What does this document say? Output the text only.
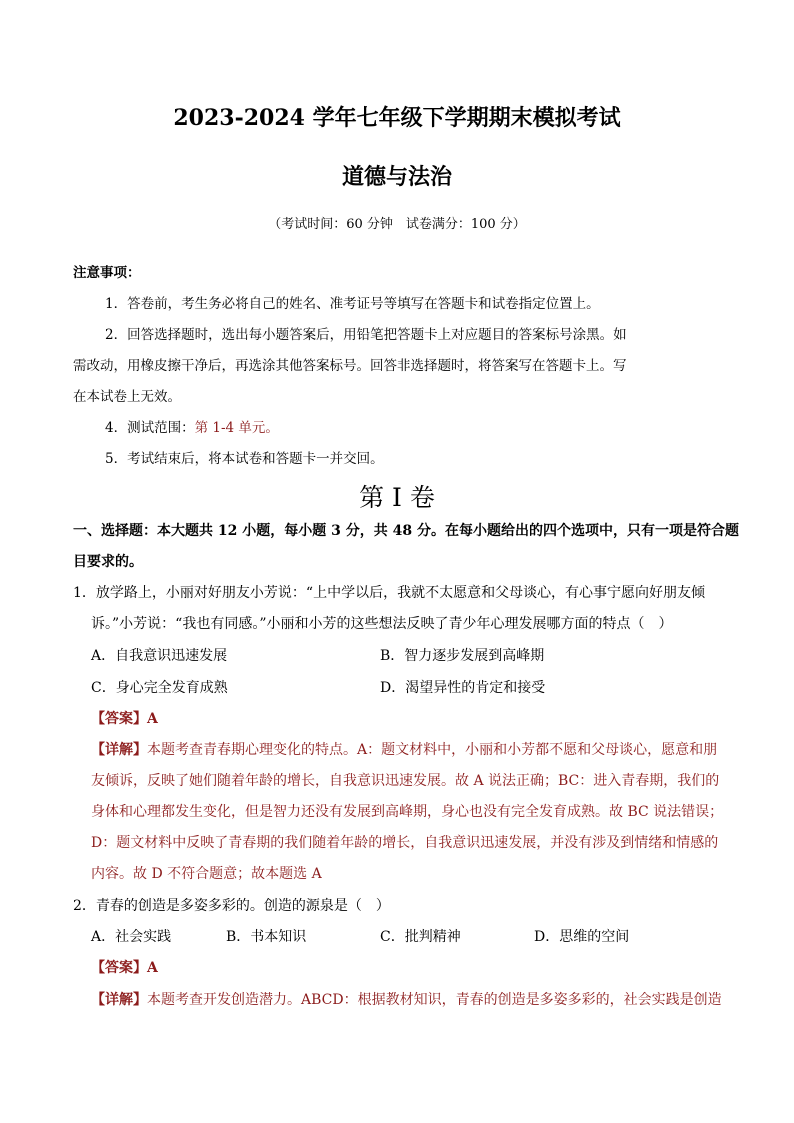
2023-2024 学年七年级下学期期末模拟考试
道德与法治
（考试时间：60 分钟　试卷满分：100 分）
注意事项：
1．答卷前，考生务必将自己的姓名、准考证号等填写在答题卡和试卷指定位置上。
2．回答选择题时，选出每小题答案后，用铅笔把答题卡上对应题目的答案标号涂黑。如
需改动，用橡皮擦干净后，再选涂其他答案标号。回答非选择题时，将答案写在答题卡上。写
在本试卷上无效。
4．测试范围：第 1-4 单元。
5．考试结束后，将本试卷和答题卡一并交回。
第 I 卷
一、选择题：本大题共 12 小题，每小题 3 分，共 48 分。在每小题给出的四个选项中，只有一项是符合题
目要求的。
1．放学路上，小丽对好朋友小芳说：“上中学以后，我就不太愿意和父母谈心，有心事宁愿向好朋友倾
诉。”小芳说：“我也有同感。”小丽和小芳的这些想法反映了青少年心理发展哪方面的特点（　）
A．自我意识迅速发展	B．智力逐步发展到高峰期
C．身心完全发育成熟	D．渴望异性的肯定和接受
【答案】A
【详解】本题考查青春期心理变化的特点。A：题文材料中，小丽和小芳都不愿和父母谈心，愿意和朋
友倾诉，反映了她们随着年龄的增长，自我意识迅速发展。故 A 说法正确；BC：进入青春期，我们的
身体和心理都发生变化，但是智力还没有发展到高峰期，身心也没有完全发育成熟。故 BC 说法错误；
D：题文材料中反映了青春期的我们随着年龄的增长，自我意识迅速发展，并没有涉及到情绪和情感的
内容。故 D 不符合题意；故本题选 A
2．青春的创造是多姿多彩的。创造的源泉是（　）
A．社会实践	B．书本知识	C．批判精神	D．思维的空间
【答案】A
【详解】本题考查开发创造潜力。ABCD：根据教材知识，青春的创造是多姿多彩的，社会实践是创造
